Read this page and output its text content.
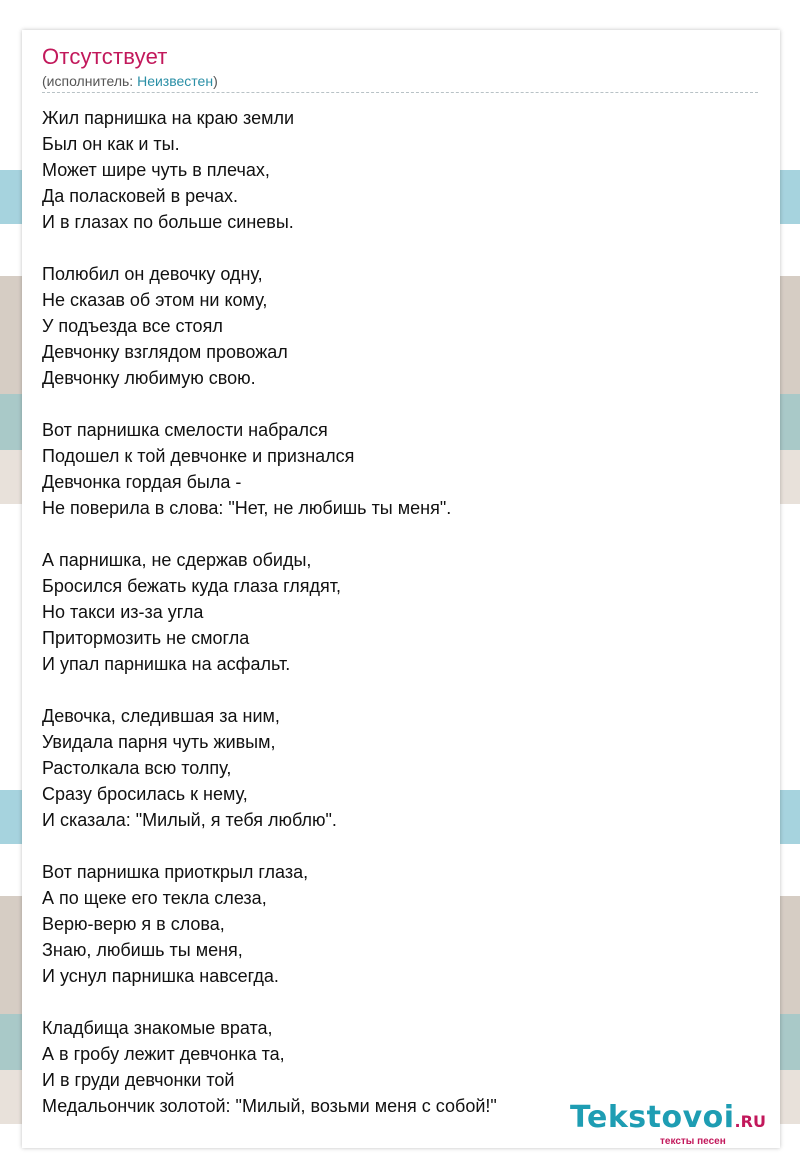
Отсутствует
(исполнитель: Неизвестен)
Жил парнишка на краю земли
Был он как и ты.
Может шире чуть в плечах,
Да поласковей в речах.
И в глазах по больше синевы.
Полюбил он девочку одну,
Не сказав об этом ни кому,
У подъезда все стоял
Девчонку взглядом провожал
Девчонку любимую свою.
Вот парнишка смелости набрался
Подошел к той девчонке и признался
Девчонка гордая была -
Не поверила в слова: "Нет, не любишь ты меня".
А парнишка, не сдержав обиды,
Бросился бежать куда глаза глядят,
Но такси из-за угла
Притормозить не смогла
И упал парнишка на асфальт.
Девочка, следившая за ним,
Увидала парня чуть живым,
Растолкала всю толпу,
Сразу бросилась к нему,
И сказала: "Милый, я тебя люблю".
Вот парнишка приоткрыл глаза,
А по щеке его текла слеза,
Верю-верю я в слова,
Знаю, любишь ты меня,
И уснул парнишка навсегда.
Кладбища знакомые врата,
А в гробу лежит девчонка та,
И в груди девчонки той
Медальончик золотой: "Милый, возьми меня с собой!"	Tekstovoi.RU
тексты песен
